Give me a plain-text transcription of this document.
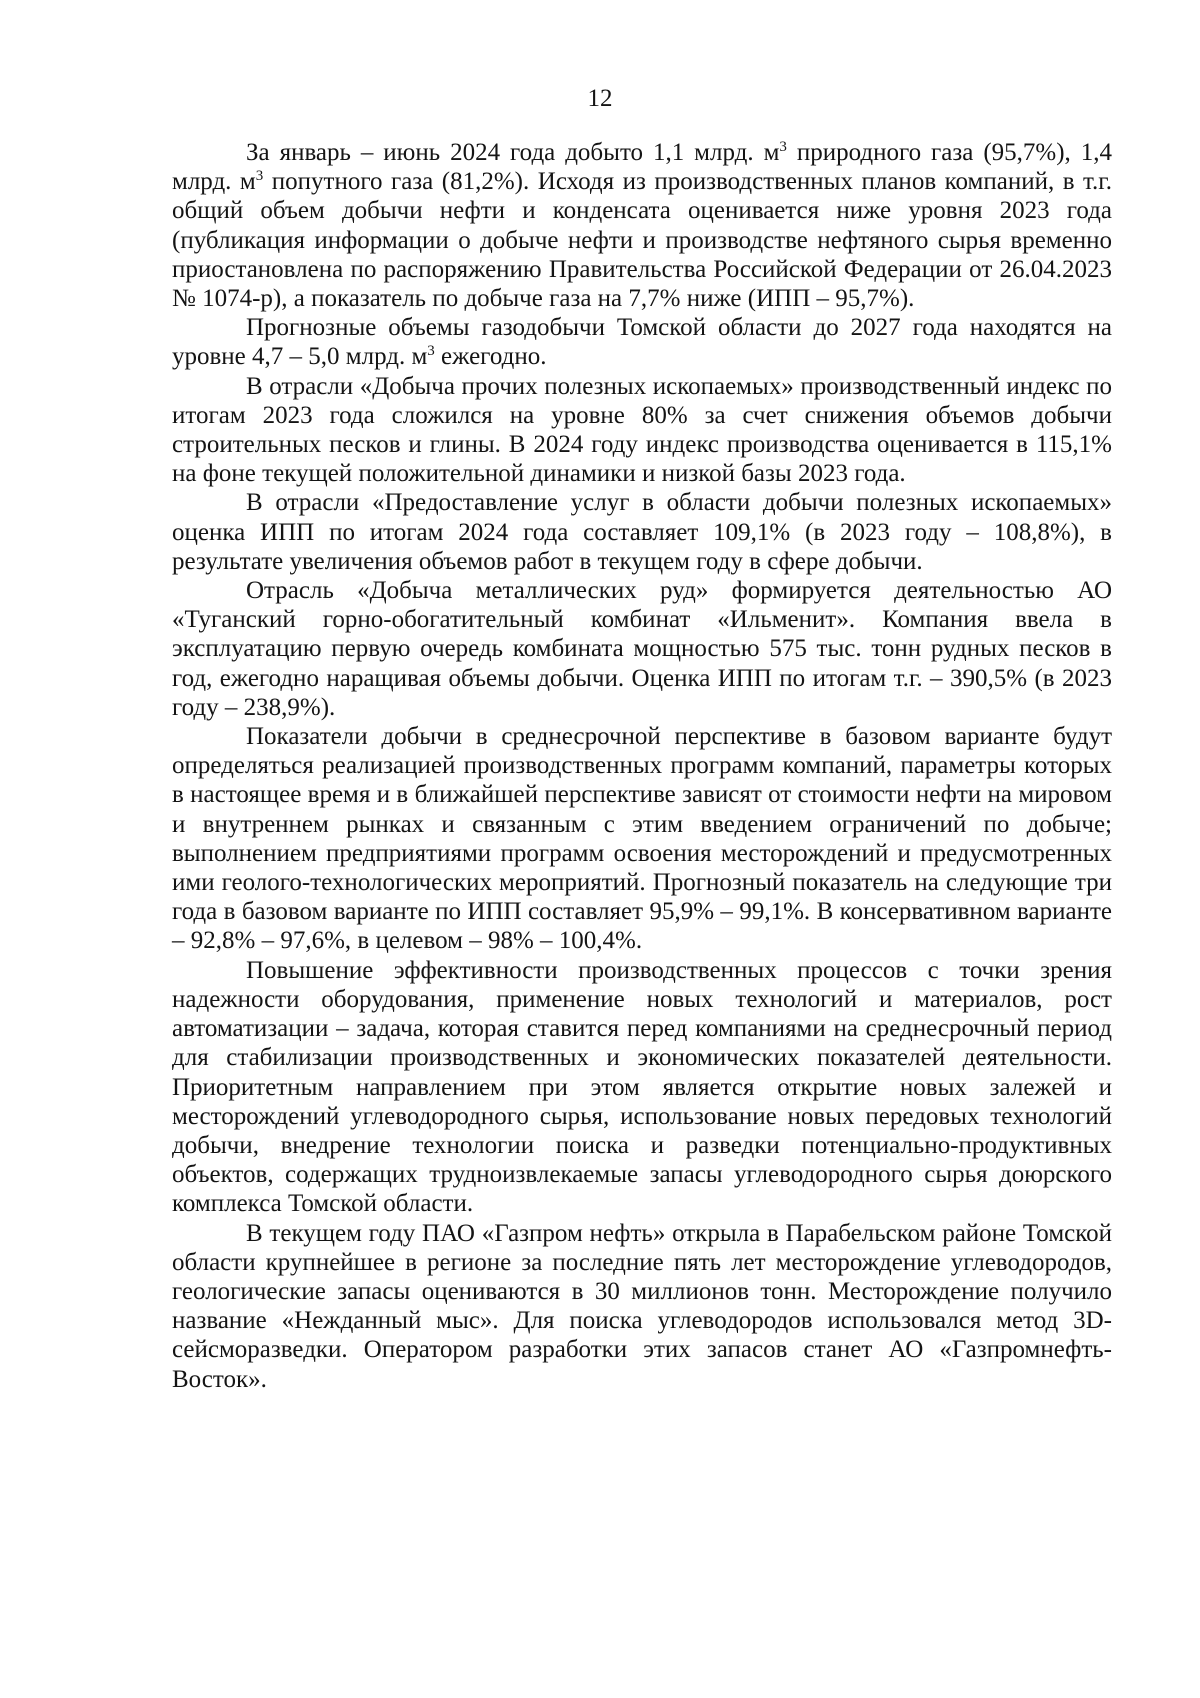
12

За январь – июнь 2024 года добыто 1,1 млрд. $м^3$ природного газа (95,7%), 1,4 млрд. $м^3$ попутного газа (81,2%). Исходя из производственных планов компаний, в т.г. общий объем добычи нефти и конденсата оценивается ниже уровня 2023 года (публикация информации о добыче нефти и производстве нефтяного сырья временно приостановлена по распоряжению Правительства Российской Федерации от 26.04.2023 № 1074-р), а показатель по добыче газа на 7,7% ниже (ИПП – 95,7%).

Прогнозные объемы газодобычи Томской области до 2027 года находятся на уровне 4,7 – 5,0 млрд. $м^3$ ежегодно.

В отрасли «Добыча прочих полезных ископаемых» производственный индекс по итогам 2023 года сложился на уровне 80% за счет снижения объемов добычи строительных песков и глины. В 2024 году индекс производства оценивается в 115,1% на фоне текущей положительной динамики и низкой базы 2023 года.

В отрасли «Предоставление услуг в области добычи полезных ископаемых» оценка ИПП по итогам 2024 года составляет 109,1% (в 2023 году – 108,8%), в результате увеличения объемов работ в текущем году в сфере добычи.

Отрасль «Добыча металлических руд» формируется деятельностью АО «Туганский горно-обогатительный комбинат «Ильменит». Компания ввела в эксплуатацию первую очередь комбината мощностью 575 тыс. тонн рудных песков в год, ежегодно наращивая объемы добычи. Оценка ИПП по итогам т.г. – 390,5% (в 2023 году – 238,9%).

Показатели добычи в среднесрочной перспективе в базовом варианте будут определяться реализацией производственных программ компаний, параметры которых в настоящее время и в ближайшей перспективе зависят от стоимости нефти на мировом и внутреннем рынках и связанным с этим введением ограничений по добыче; выполнением предприятиями программ освоения месторождений и предусмотренных ими геолого-технологических мероприятий. Прогнозный показатель на следующие три года в базовом варианте по ИПП составляет 95,9% – 99,1%. В консервативном варианте – 92,8% – 97,6%, в целевом – 98% – 100,4%.

Повышение эффективности производственных процессов с точки зрения надежности оборудования, применение новых технологий и материалов, рост автоматизации – задача, которая ставится перед компаниями на среднесрочный период для стабилизации производственных и экономических показателей деятельности. Приоритетным направлением при этом является открытие новых залежей и месторождений углеводородного сырья, использование новых передовых технологий добычи, внедрение технологии поиска и разведки потенциально-продуктивных объектов, содержащих трудноизвлекаемые запасы углеводородного сырья доюрского комплекса Томской области.

В текущем году ПАО «Газпром нефть» открыла в Парабельском районе Томской области крупнейшее в регионе за последние пять лет месторождение углеводородов, геологические запасы оцениваются в 30 миллионов тонн. Месторождение получило название «Нежданный мыс». Для поиска углеводородов использовался метод 3D-сейсморазведки. Оператором разработки этих запасов станет АО «Газпромнефть-Восток».
